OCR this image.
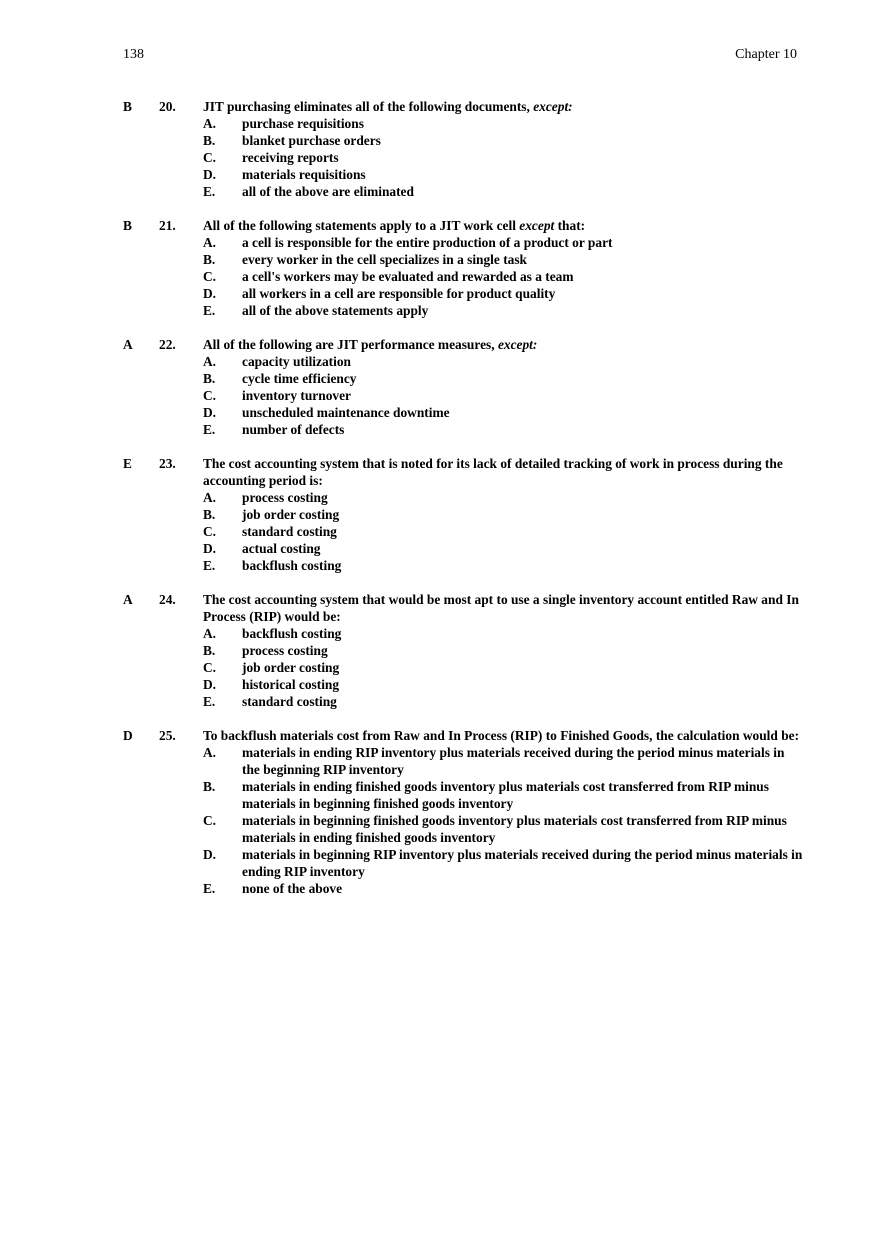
138	Chapter 10
B	20.	JIT purchasing eliminates all of the following documents, except:
A.	purchase requisitions
B.	blanket purchase orders
C.	receiving reports
D.	materials requisitions
E.	all of the above are eliminated
B	21.	All of the following statements apply to a JIT work cell except that:
A.	a cell is responsible for the entire production of a product or part
B.	every worker in the cell specializes in a single task
C.	a cell's workers may be evaluated and rewarded as a team
D.	all workers in a cell are responsible for product quality
E.	all of the above statements apply
A	22.	All of the following are JIT performance measures, except:
A.	capacity utilization
B.	cycle time efficiency
C.	inventory turnover
D.	unscheduled maintenance downtime
E.	number of defects
E	23.	The cost accounting system that is noted for its lack of detailed tracking of work in process during the accounting period is:
A.	process costing
B.	job order costing
C.	standard costing
D.	actual costing
E.	backflush costing
A	24.	The cost accounting system that would be most apt to use a single inventory account entitled Raw and In Process (RIP) would be:
A.	backflush costing
B.	process costing
C.	job order costing
D.	historical costing
E.	standard costing
D	25.	To backflush materials cost from Raw and In Process (RIP) to Finished Goods, the calculation would be:
A.	materials in ending RIP inventory plus materials received during the period minus materials in the beginning RIP inventory
B.	materials in ending finished goods inventory plus materials cost transferred from RIP minus materials in beginning finished goods inventory
C.	materials in beginning finished goods inventory plus materials cost transferred from RIP minus materials in ending finished goods inventory
D.	materials in beginning RIP inventory plus materials received during the period minus materials in ending RIP inventory
E.	none of the above
